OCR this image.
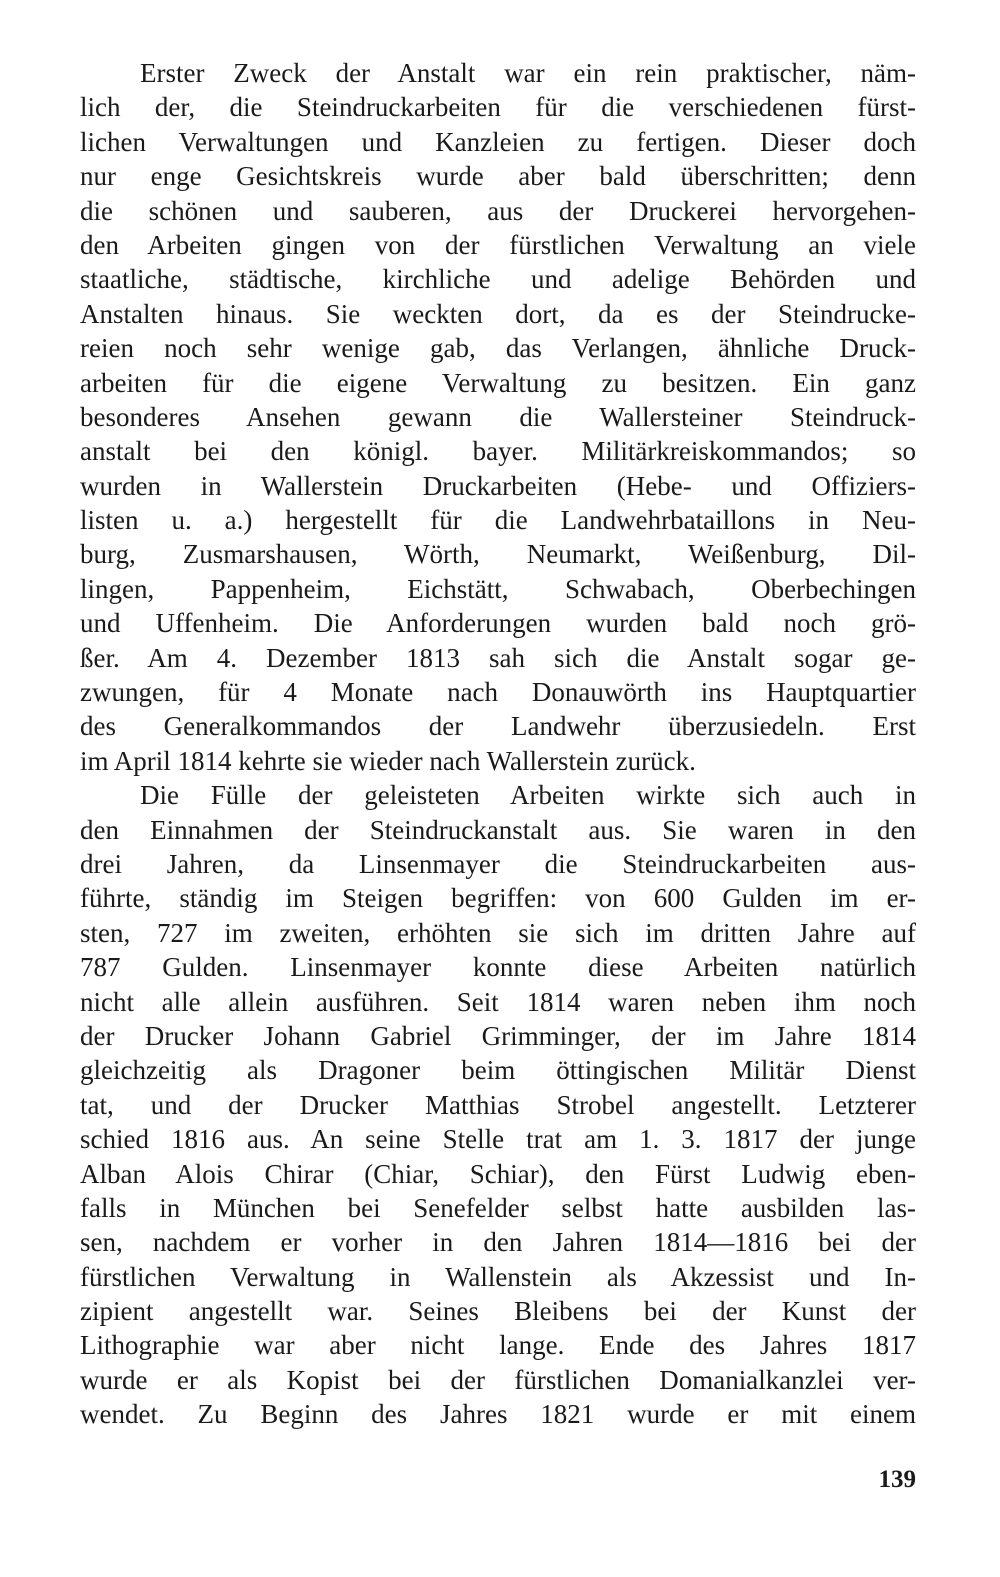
Erster Zweck der Anstalt war ein rein praktischer, näm-
lich der, die Steindruckarbeiten für die verschiedenen fürst-
lichen Verwaltungen und Kanzleien zu fertigen. Dieser doch
nur enge Gesichtskreis wurde aber bald überschritten; denn
die schönen und sauberen, aus der Druckerei hervorgehen-
den Arbeiten gingen von der fürstlichen Verwaltung an viele
staatliche, städtische, kirchliche und adelige Behörden und
Anstalten hinaus. Sie weckten dort, da es der Steindrucke-
reien noch sehr wenige gab, das Verlangen, ähnliche Druck-
arbeiten für die eigene Verwaltung zu besitzen. Ein ganz
besonderes Ansehen gewann die Wallersteiner Steindruck-
anstalt bei den königl. bayer. Militärkreiskommandos; so
wurden in Wallerstein Druckarbeiten (Hebe- und Offiziers-
listen u. a.) hergestellt für die Landwehrbataillons in Neu-
burg, Zusmarshausen, Wörth, Neumarkt, Weißenburg, Dil-
lingen, Pappenheim, Eichstätt, Schwabach, Oberbechingen
und Uffenheim. Die Anforderungen wurden bald noch grö-
ßer. Am 4. Dezember 1813 sah sich die Anstalt sogar ge-
zwungen, für 4 Monate nach Donauwörth ins Hauptquartier
des Generalkommandos der Landwehr überzusiedeln. Erst
im April 1814 kehrte sie wieder nach Wallerstein zurück.
Die Fülle der geleisteten Arbeiten wirkte sich auch in
den Einnahmen der Steindruckanstalt aus. Sie waren in den
drei Jahren, da Linsenmayer die Steindruckarbeiten aus-
führte, ständig im Steigen begriffen: von 600 Gulden im er-
sten, 727 im zweiten, erhöhten sie sich im dritten Jahre auf
787 Gulden. Linsenmayer konnte diese Arbeiten natürlich
nicht alle allein ausführen. Seit 1814 waren neben ihm noch
der Drucker Johann Gabriel Grimminger, der im Jahre 1814
gleichzeitig als Dragoner beim öttingischen Militär Dienst
tat, und der Drucker Matthias Strobel angestellt. Letzterer
schied 1816 aus. An seine Stelle trat am 1. 3. 1817 der junge
Alban Alois Chirar (Chiar, Schiar), den Fürst Ludwig eben-
falls in München bei Senefelder selbst hatte ausbilden las-
sen, nachdem er vorher in den Jahren 1814—1816 bei der
fürstlichen Verwaltung in Wallenstein als Akzessist und In-
zipient angestellt war. Seines Bleibens bei der Kunst der
Lithographie war aber nicht lange. Ende des Jahres 1817
wurde er als Kopist bei der fürstlichen Domanialkanzlei ver-
wendet. Zu Beginn des Jahres 1821 wurde er mit einem
139
